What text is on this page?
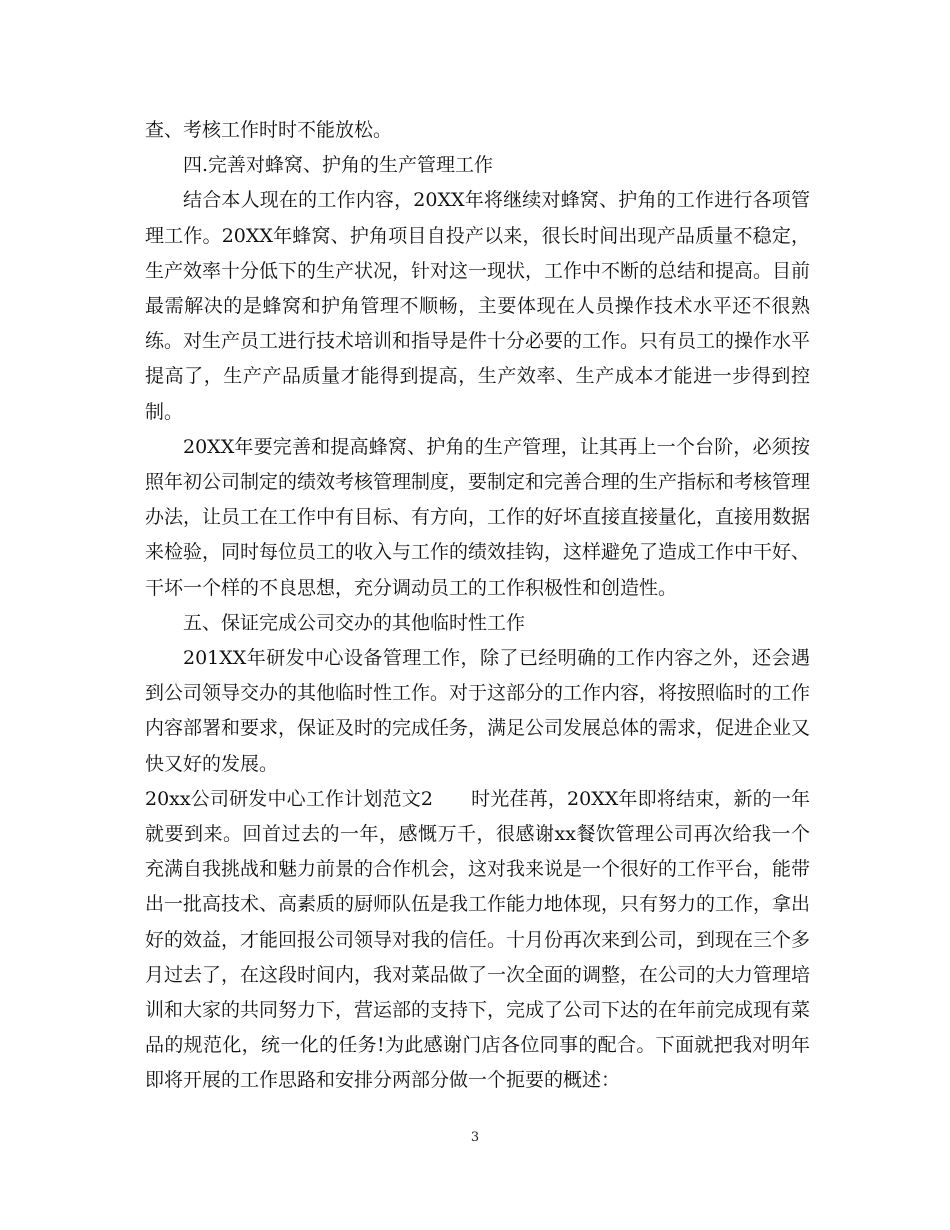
查、考核工作时时不能放松。

四.完善对蜂窝、护角的生产管理工作

结合本人现在的工作内容，20XX年将继续对蜂窝、护角的工作进行各项管理工作。20XX年蜂窝、护角项目自投产以来，很长时间出现产品质量不稳定，生产效率十分低下的生产状况，针对这一现状，工作中不断的总结和提高。目前最需解决的是蜂窝和护角管理不顺畅，主要体现在人员操作技术水平还不很熟练。对生产员工进行技术培训和指导是件十分必要的工作。只有员工的操作水平提高了，生产产品质量才能得到提高，生产效率、生产成本才能进一步得到控制。

20XX年要完善和提高蜂窝、护角的生产管理，让其再上一个台阶，必须按照年初公司制定的绩效考核管理制度，要制定和完善合理的生产指标和考核管理办法，让员工在工作中有目标、有方向，工作的好坏直接直接量化，直接用数据来检验，同时每位员工的收入与工作的绩效挂钩，这样避免了造成工作中干好、干坏一个样的不良思想，充分调动员工的工作积极性和创造性。

五、保证完成公司交办的其他临时性工作

201XX年研发中心设备管理工作，除了已经明确的工作内容之外，还会遇到公司领导交办的其他临时性工作。对于这部分的工作内容，将按照临时的工作内容部署和要求，保证及时的完成任务，满足公司发展总体的需求，促进企业又快又好的发展。

20xx公司研发中心工作计划范文2 时光荏苒，20XX年即将结束，新的一年就要到来。回首过去的一年，感慨万千，很感谢xx餐饮管理公司再次给我一个充满自我挑战和魅力前景的合作机会，这对我来说是一个很好的工作平台，能带出一批高技术、高素质的厨师队伍是我工作能力地体现，只有努力的工作，拿出好的效益，才能回报公司领导对我的信任。十月份再次来到公司，到现在三个多月过去了，在这段时间内，我对菜品做了一次全面的调整，在公司的大力管理培训和大家的共同努力下，营运部的支持下，完成了公司下达的在年前完成现有菜品的规范化，统一化的任务!为此感谢门店各位同事的配合。下面就把我对明年即将开展的工作思路和安排分两部分做一个扼要的概述：

3
